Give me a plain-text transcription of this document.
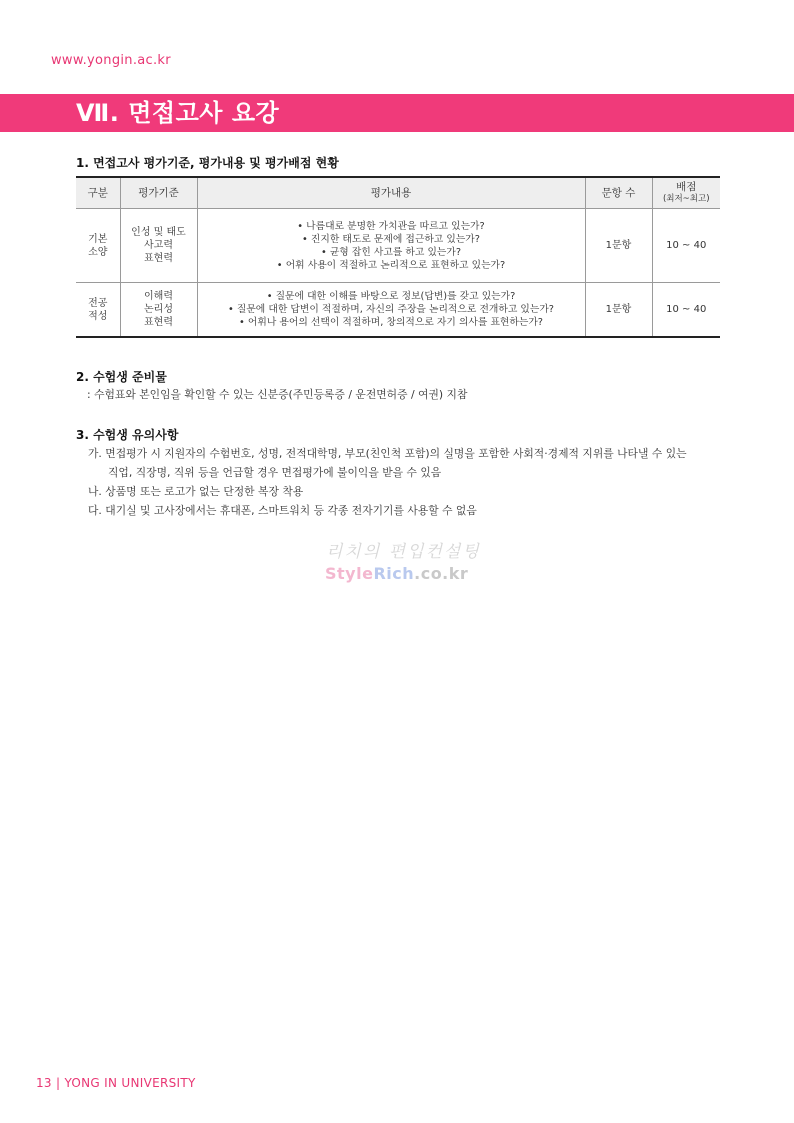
www.yongin.ac.kr
Ⅶ. 면접고사 요강
1. 면접고사 평가기준, 평가내용 및 평가배점 현황
구분	평가기준	평가내용	문항 수	배점
(최저~최고)

기본
소양	인성 및 태도
사고력
표현력	• 나름대로 분명한 가치관을 따르고 있는가?
• 진지한 태도로 문제에 접근하고 있는가?
• 균형 잡힌 사고를 하고 있는가?
• 어휘 사용이 적절하고 논리적으로 표현하고 있는가?	1문항	10 ~ 40

전공
적성	이해력
논리성
표현력	• 질문에 대한 이해를 바탕으로 정보(답변)를 갖고 있는가?
• 질문에 대한 답변이 적절하며, 자신의 주장을 논리적으로 전개하고 있는가?
• 어휘나 용어의 선택이 적절하며, 창의적으로 자기 의사를 표현하는가?	1문항	10 ~ 40
2. 수험생 준비물
: 수험표와 본인임을 확인할 수 있는 신분증(주민등록증 / 운전면허증 / 여권) 지참
3. 수험생 유의사항
가. 면접평가 시 지원자의 수험번호, 성명, 전적대학명, 부모(친인척 포함)의 실명을 포함한 사회적·경제적 지위를 나타낼 수 있는
직업, 직장명, 직위 등을 언급할 경우 면접평가에 불이익을 받을 수 있음
나. 상품명 또는 로고가 없는 단정한 복장 착용
다. 대기실 및 고사장에서는 휴대폰, 스마트워치 등 각종 전자기기를 사용할 수 없음
리치의 편입컨설팅
StyleRich.co.kr
13 | YONG IN UNIVERSITY
